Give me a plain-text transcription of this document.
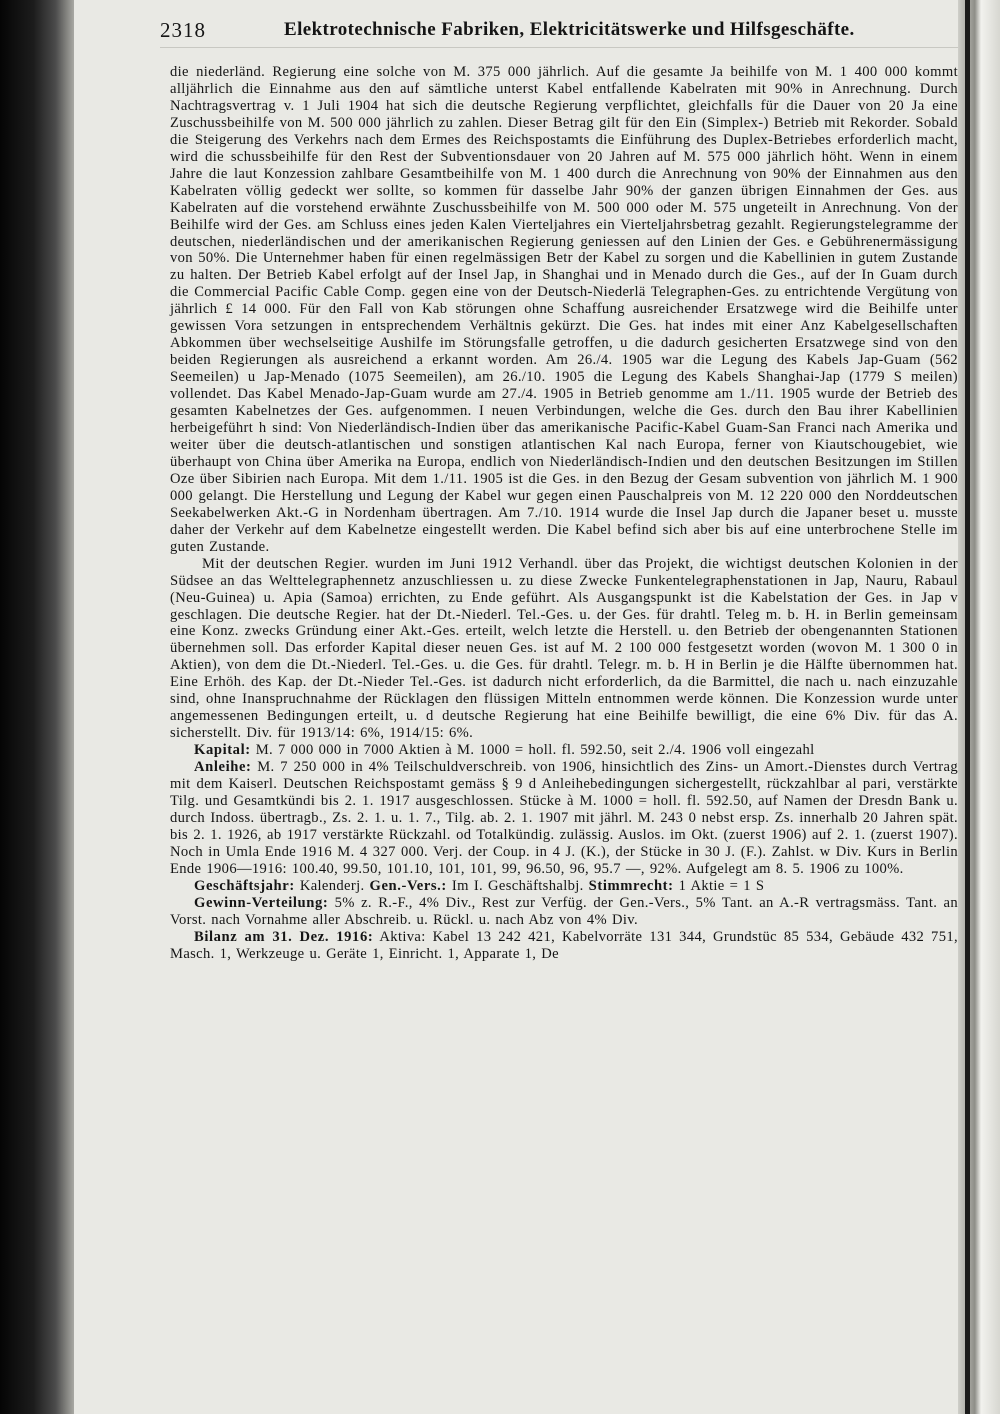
2318	Elektrotechnische Fabriken, Elektricitätswerke und Hilfsgeschäfte.

die niederländ. Regierung eine solche von M. 375 000 jährlich. Auf die gesamte Ja beihilfe von M. 1 400 000 kommt alljährlich die Einnahme aus den auf sämtliche unterst Kabel entfallende Kabelraten mit 90% in Anrechnung. Durch Nachtragsvertrag v. 1 Juli 1904 hat sich die deutsche Regierung verpflichtet, gleichfalls für die Dauer von 20 Ja eine Zuschussbeihilfe von M. 500 000 jährlich zu zahlen. Dieser Betrag gilt für den Ein (Simplex-) Betrieb mit Rekorder. Sobald die Steigerung des Verkehrs nach dem Ermes des Reichspostamts die Einführung des Duplex-Betriebes erforderlich macht, wird die schussbeihilfe für den Rest der Subventionsdauer von 20 Jahren auf M. 575 000 jährlich höht. Wenn in einem Jahre die laut Konzession zahlbare Gesamtbeihilfe von M. 1 400 durch die Anrechnung von 90% der Einnahmen aus den Kabelraten völlig gedeckt wer sollte, so kommen für dasselbe Jahr 90% der ganzen übrigen Einnahmen der Ges. aus Kabelraten auf die vorstehend erwähnte Zuschussbeihilfe von M. 500 000 oder M. 575 ungeteilt in Anrechnung. Von der Beihilfe wird der Ges. am Schluss eines jeden Kalen Vierteljahres ein Vierteljahrsbetrag gezahlt. Regierungstelegramme der deutschen, niederländischen und der amerikanischen Regierung geniessen auf den Linien der Ges. e Gebührenermässigung von 50%. Die Unternehmer haben für einen regelmässigen Betr der Kabel zu sorgen und die Kabellinien in gutem Zustande zu halten. Der Betrieb Kabel erfolgt auf der Insel Jap, in Shanghai und in Menado durch die Ges., auf der In Guam durch die Commercial Pacific Cable Comp. gegen eine von der Deutsch-Niederlä Telegraphen-Ges. zu entrichtende Vergütung von jährlich £ 14 000. Für den Fall von Kab störungen ohne Schaffung ausreichender Ersatzwege wird die Beihilfe unter gewissen Vora setzungen in entsprechendem Verhältnis gekürzt. Die Ges. hat indes mit einer Anz Kabelgesellschaften Abkommen über wechselseitige Aushilfe im Störungsfalle getroffen, u die dadurch gesicherten Ersatzwege sind von den beiden Regierungen als ausreichend a erkannt worden. Am 26./4. 1905 war die Legung des Kabels Jap-Guam (562 Seemeilen) u Jap-Menado (1075 Seemeilen), am 26./10. 1905 die Legung des Kabels Shanghai-Jap (1779 S meilen) vollendet. Das Kabel Menado-Jap-Guam wurde am 27./4. 1905 in Betrieb genomme am 1./11. 1905 wurde der Betrieb des gesamten Kabelnetzes der Ges. aufgenommen. I neuen Verbindungen, welche die Ges. durch den Bau ihrer Kabellinien herbeigeführt h sind: Von Niederländisch-Indien über das amerikanische Pacific-Kabel Guam-San Franci nach Amerika und weiter über die deutsch-atlantischen und sonstigen atlantischen Kal nach Europa, ferner von Kiautschougebiet, wie überhaupt von China über Amerika na Europa, endlich von Niederländisch-Indien und den deutschen Besitzungen im Stillen Oze über Sibirien nach Europa. Mit dem 1./11. 1905 ist die Ges. in den Bezug der Gesam subvention von jährlich M. 1 900 000 gelangt. Die Herstellung und Legung der Kabel wur gegen einen Pauschalpreis von M. 12 220 000 den Norddeutschen Seekabelwerken Akt.-G in Nordenham übertragen. Am 7./10. 1914 wurde die Insel Jap durch die Japaner beset u. musste daher der Verkehr auf dem Kabelnetze eingestellt werden. Die Kabel befind sich aber bis auf eine unterbrochene Stelle im guten Zustande.

Mit der deutschen Regier. wurden im Juni 1912 Verhandl. über das Projekt, die wichtigst deutschen Kolonien in der Südsee an das Welttelegraphennetz anzuschliessen u. zu diese Zwecke Funkentelegraphenstationen in Jap, Nauru, Rabaul (Neu-Guinea) u. Apia (Samoa) errichten, zu Ende geführt. Als Ausgangspunkt ist die Kabelstation der Ges. in Jap v geschlagen. Die deutsche Regier. hat der Dt.-Niederl. Tel.-Ges. u. der Ges. für drahtl. Teleg m. b. H. in Berlin gemeinsam eine Konz. zwecks Gründung einer Akt.-Ges. erteilt, welch letzte die Herstell. u. den Betrieb der obengenannten Stationen übernehmen soll. Das erforder Kapital dieser neuen Ges. ist auf M. 2 100 000 festgesetzt worden (wovon M. 1 300 0 in Aktien), von dem die Dt.-Niederl. Tel.-Ges. u. die Ges. für drahtl. Telegr. m. b. H in Berlin je die Hälfte übernommen hat. Eine Erhöh. des Kap. der Dt.-Nieder Tel.-Ges. ist dadurch nicht erforderlich, da die Barmittel, die nach u. nach einzuzahle sind, ohne Inanspruchnahme der Rücklagen den flüssigen Mitteln entnommen werde können. Die Konzession wurde unter angemessenen Bedingungen erteilt, u. d deutsche Regierung hat eine Beihilfe bewilligt, die eine 6% Div. für das A. sicherstellt. Div. für 1913/14: 6%, 1914/15: 6%.

Kapital: M. 7 000 000 in 7000 Aktien à M. 1000 = holl. fl. 592.50, seit 2./4. 1906 voll eingezahl

Anleihe: M. 7 250 000 in 4% Teilschuldverschreib. von 1906, hinsichtlich des Zins- un Amort.-Dienstes durch Vertrag mit dem Kaiserl. Deutschen Reichspostamt gemäss § 9 d Anleihebedingungen sichergestellt, rückzahlbar al pari, verstärkte Tilg. und Gesamtkündi bis 2. 1. 1917 ausgeschlossen. Stücke à M. 1000 = holl. fl. 592.50, auf Namen der Dresdn Bank u. durch Indoss. übertragb., Zs. 2. 1. u. 1. 7., Tilg. ab. 2. 1. 1907 mit jährl. M. 243 0 nebst ersp. Zs. innerhalb 20 Jahren spät. bis 2. 1. 1926, ab 1917 verstärkte Rückzahl. od Totalkündig. zulässig. Auslos. im Okt. (zuerst 1906) auf 2. 1. (zuerst 1907). Noch in Umla Ende 1916 M. 4 327 000. Verj. der Coup. in 4 J. (K.), der Stücke in 30 J. (F.). Zahlst. w Div. Kurs in Berlin Ende 1906—1916: 100.40, 99.50, 101.10, 101, 101, 99, 96.50, 96, 95.7 —, 92%. Aufgelegt am 8. 5. 1906 zu 100%.

Geschäftsjahr: Kalenderj. Gen.-Vers.: Im I. Geschäftshalbj. Stimmrecht: 1 Aktie = 1 S

Gewinn-Verteilung: 5% z. R.-F., 4% Div., Rest zur Verfüg. der Gen.-Vers., 5% Tant. an A.-R vertragsmäss. Tant. an Vorst. nach Vornahme aller Abschreib. u. Rückl. u. nach Abz von 4% Div.

Bilanz am 31. Dez. 1916: Aktiva: Kabel 13 242 421, Kabelvorräte 131 344, Grundstüc 85 534, Gebäude 432 751, Masch. 1, Werkzeuge u. Geräte 1, Einricht. 1, Apparate 1, De
